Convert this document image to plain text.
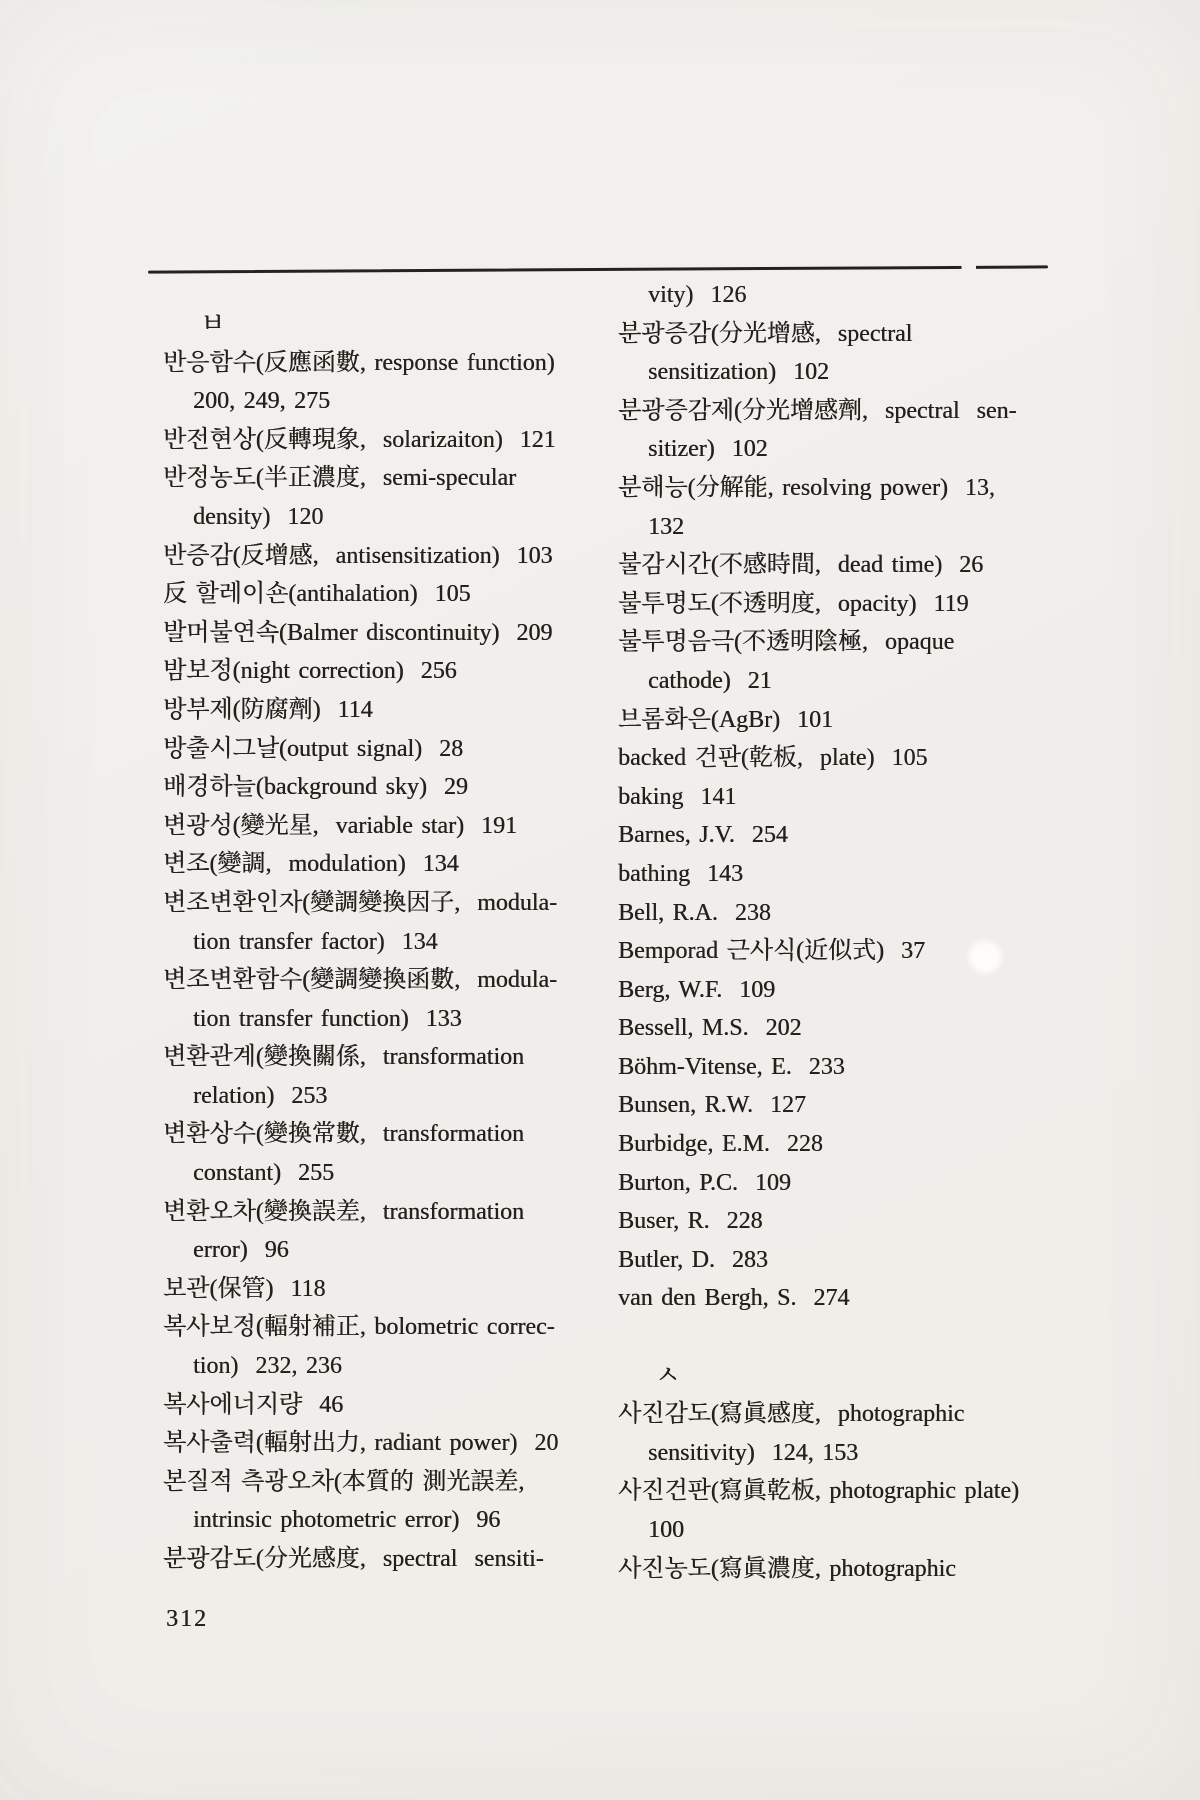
ㅂ
반응함수(反應函數, response function)
200, 249, 275
반전현상(反轉現象,  solarizaiton)  121
반정농도(半正濃度,  semi-specular
density)  120
반증감(反增感,  antisensitization)  103
反 할레이숀(antihalation)  105
발머불연속(Balmer discontinuity)  209
밤보정(night correction)  256
방부제(防腐劑)  114
방출시그날(output signal)  28
배경하늘(background sky)  29
변광성(變光星,  variable star)  191
변조(變調,  modulation)  134
변조변환인자(變調變換因子,  modula-
tion transfer factor)  134
변조변환함수(變調變換函數,  modula-
tion transfer function)  133
변환관계(變換關係,  transformation
relation)  253
변환상수(變換常數,  transformation
constant)  255
변환오차(變換誤差,  transformation
error)  96
보관(保管)  118
복사보정(輻射補正, bolometric correc-
tion)  232, 236
복사에너지량  46
복사출력(輻射出力, radiant power)  20
본질적 측광오차(本質的 測光誤差,
intrinsic photometric error)  96
분광감도(分光感度,  spectral  sensiti-
vity)  126
분광증감(分光增感,  spectral
sensitization)  102
분광증감제(分光增感劑,  spectral  sen-
sitizer)  102
분해능(分解能, resolving power)  13,
132
불감시간(不感時間,  dead time)  26
불투명도(不透明度,  opacity)  119
불투명음극(不透明陰極,  opaque
cathode)  21
브롬화은(AgBr)  101
backed 건판(乾板,  plate)  105
baking  141
Barnes, J.V.  254
bathing  143
Bell, R.A.  238
Bemporad 근사식(近似式)  37
Berg, W.F.  109
Bessell, M.S.  202
Böhm-Vitense, E.  233
Bunsen, R.W.  127
Burbidge, E.M.  228
Burton, P.C.  109
Buser, R.  228
Butler, D.  283
van den Bergh, S.  274
ㅅ
사진감도(寫眞感度,  photographic
sensitivity)  124, 153
사진건판(寫眞乾板, photographic plate)
100
사진농도(寫眞濃度, photographic
312
